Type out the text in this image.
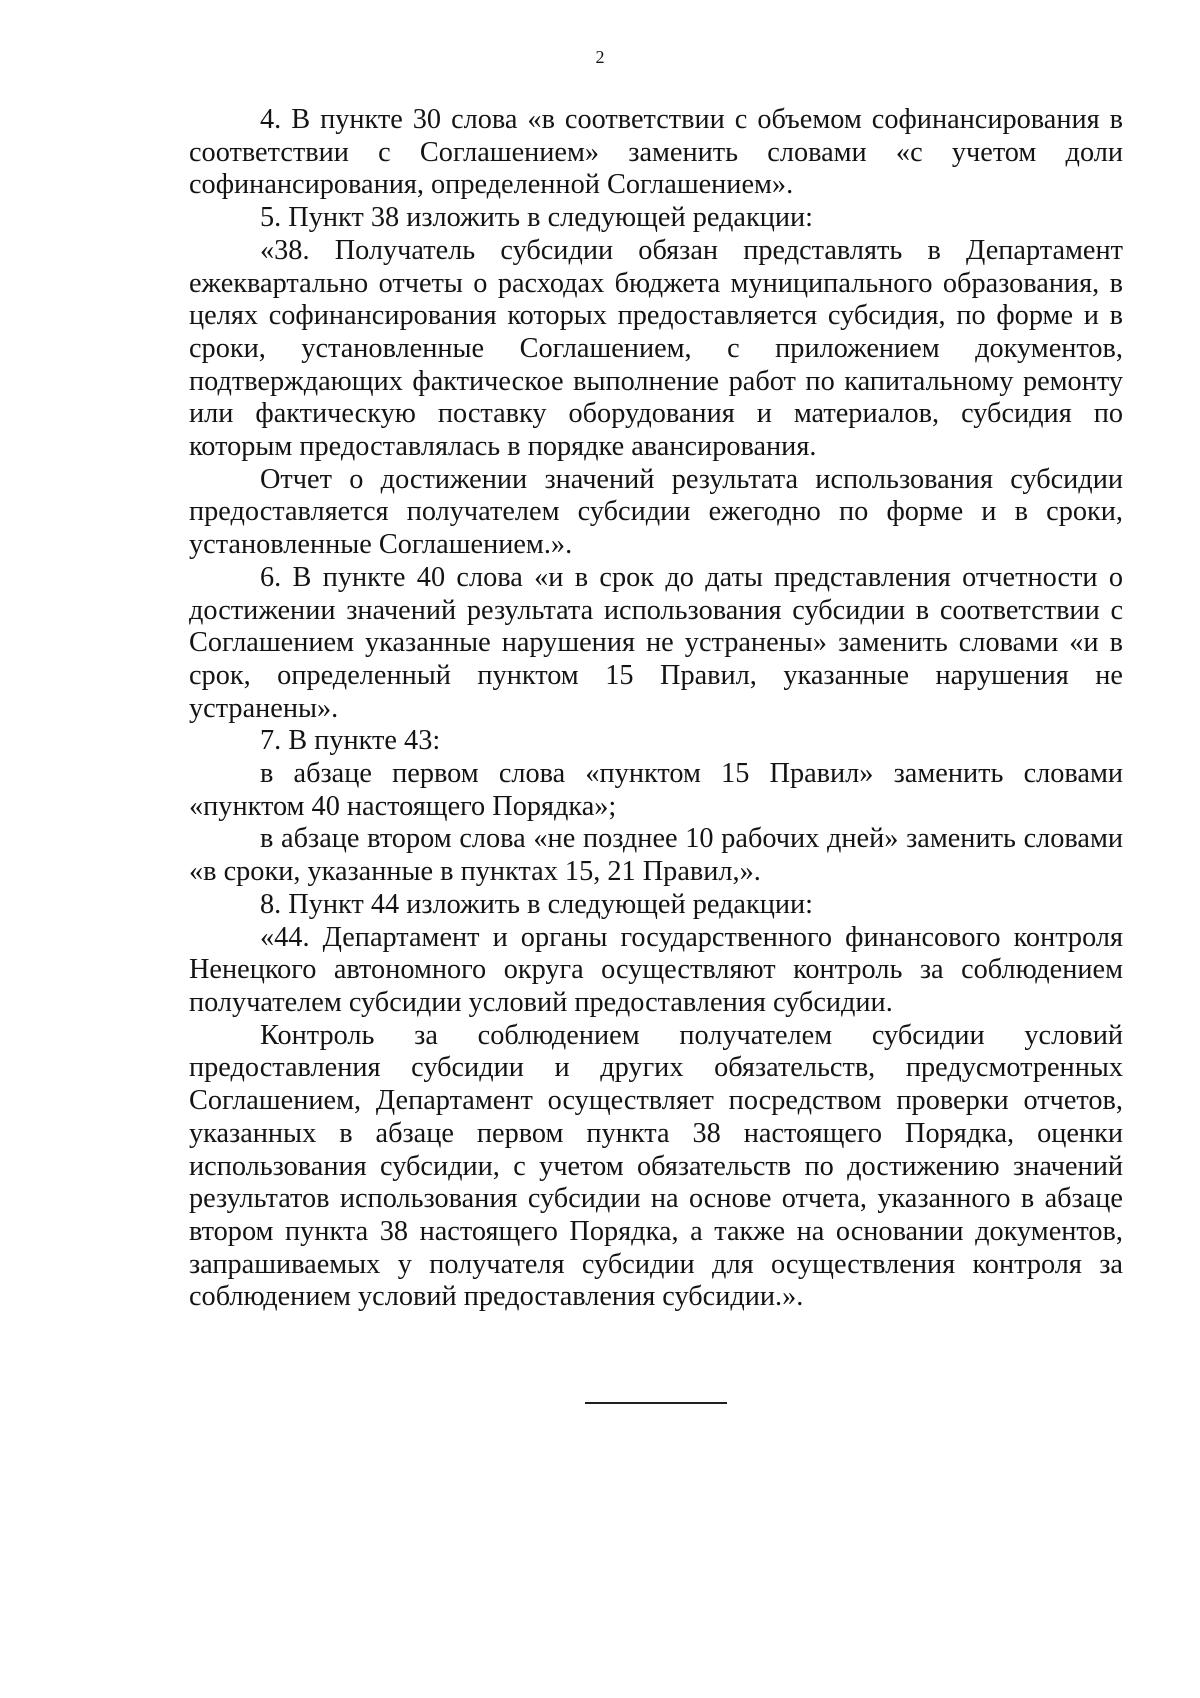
2

4. В пункте 30 слова «в соответствии с объемом софинансирования в соответствии с Соглашением» заменить словами «с учетом доли софинансирования, определенной Соглашением».

5. Пункт 38 изложить в следующей редакции:

«38. Получатель субсидии обязан представлять в Департамент ежеквартально отчеты о расходах бюджета муниципального образования, в целях софинансирования которых предоставляется субсидия, по форме и в сроки, установленные Соглашением, с приложением документов, подтверждающих фактическое выполнение работ по капитальному ремонту или фактическую поставку оборудования и материалов, субсидия по которым предоставлялась в порядке авансирования.

Отчет о достижении значений результата использования субсидии предоставляется получателем субсидии ежегодно по форме и в сроки, установленные Соглашением.».

6. В пункте 40 слова «и в срок до даты представления отчетности о достижении значений результата использования субсидии в соответствии с Соглашением указанные нарушения не устранены» заменить словами «и в срок, определенный пунктом 15 Правил, указанные нарушения не устранены».

7. В пункте 43:

в абзаце первом слова «пунктом 15 Правил» заменить словами «пунктом 40 настоящего Порядка»;

в абзаце втором слова «не позднее 10 рабочих дней» заменить словами «в сроки, указанные в пунктах 15, 21 Правил,».

8. Пункт 44 изложить в следующей редакции:

«44. Департамент и органы государственного финансового контроля Ненецкого автономного округа осуществляют контроль за соблюдением получателем субсидии условий предоставления субсидии.

Контроль за соблюдением получателем субсидии условий предоставления субсидии и других обязательств, предусмотренных Соглашением, Департамент осуществляет посредством проверки отчетов, указанных в абзаце первом пункта 38 настоящего Порядка, оценки использования субсидии, с учетом обязательств по достижению значений результатов использования субсидии на основе отчета, указанного в абзаце втором пункта 38 настоящего Порядка, а также на основании документов, запрашиваемых у получателя субсидии для осуществления контроля за соблюдением условий предоставления субсидии.».
